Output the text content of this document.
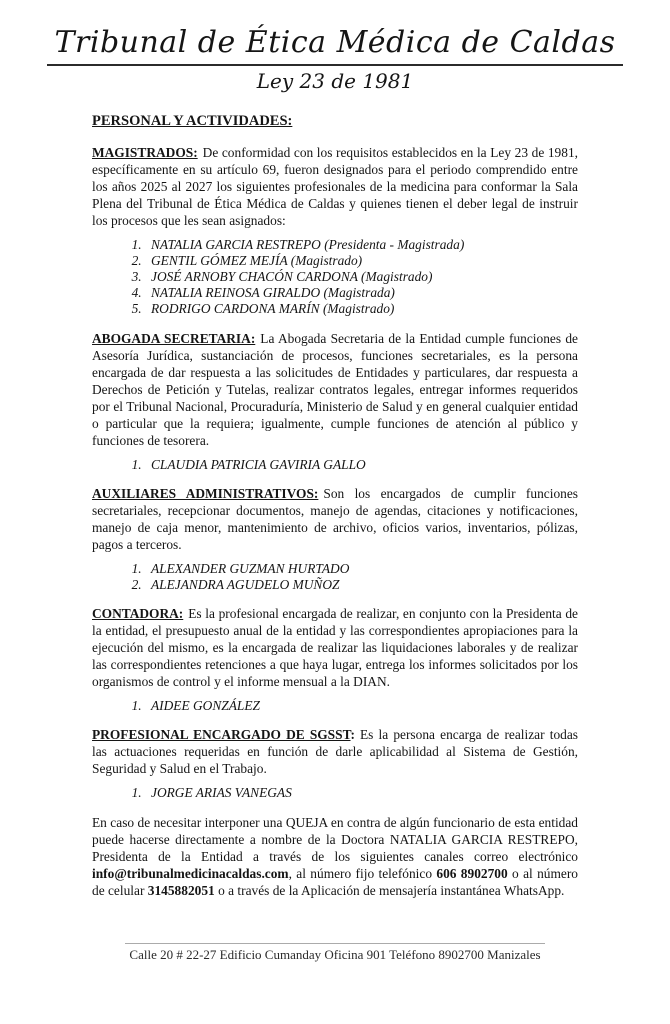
Tribunal de Ética Médica de Caldas
Ley 23 de 1981
PERSONAL Y ACTIVIDADES:

MAGISTRADOS: De conformidad con los requisitos establecidos en la Ley 23 de 1981, específicamente en su artículo 69, fueron designados para el periodo comprendido entre los años 2025 al 2027 los siguientes profesionales de la medicina para conformar la Sala Plena del Tribunal de Ética Médica de Caldas y quienes tienen el deber legal de instruir los procesos que les sean asignados:

1. NATALIA GARCIA RESTREPO (Presidenta - Magistrada)
2. GENTIL GÓMEZ MEJÍA (Magistrado)
3. JOSÉ ARNOBY CHACÓN CARDONA (Magistrado)
4. NATALIA REINOSA GIRALDO (Magistrada)
5. RODRIGO CARDONA MARÍN (Magistrado)

ABOGADA SECRETARIA: La Abogada Secretaria de la Entidad cumple funciones de Asesoría Jurídica, sustanciación de procesos, funciones secretariales, es la persona encargada de dar respuesta a las solicitudes de Entidades y particulares, dar respuesta a Derechos de Petición y Tutelas, realizar contratos legales, entregar informes requeridos por el Tribunal Nacional, Procuraduría, Ministerio de Salud y en general cualquier entidad o particular que la requiera; igualmente, cumple funciones de atención al público y funciones de tesorera.

1. CLAUDIA PATRICIA GAVIRIA GALLO

AUXILIARES ADMINISTRATIVOS: Son los encargados de cumplir funciones secretariales, recepcionar documentos, manejo de agendas, citaciones y notificaciones, manejo de caja menor, mantenimiento de archivo, oficios varios, inventarios, pólizas, pagos a terceros.

1. ALEXANDER GUZMAN HURTADO
2. ALEJANDRA AGUDELO MUÑOZ

CONTADORA: Es la profesional encargada de realizar, en conjunto con la Presidenta de la entidad, el presupuesto anual de la entidad y las correspondientes apropiaciones para la ejecución del mismo, es la encargada de realizar las liquidaciones laborales y de realizar las correspondientes retenciones a que haya lugar, entrega los informes solicitados por los organismos de control y el informe mensual a la DIAN.

1. AIDEE GONZÁLEZ

PROFESIONAL ENCARGADO DE SGSST: Es la persona encarga de realizar todas las actuaciones requeridas en función de darle aplicabilidad al Sistema de Gestión, Seguridad y Salud en el Trabajo.

1. JORGE ARIAS VANEGAS

En caso de necesitar interponer una QUEJA en contra de algún funcionario de esta entidad puede hacerse directamente a nombre de la Doctora NATALIA GARCIA RESTREPO, Presidenta de la Entidad a través de los siguientes canales correo electrónico info@tribunalmedicinacaldas.com, al número fijo telefónico 606 8902700 o al número de celular 3145882051 o a través de la Aplicación de mensajería instantánea WhatsApp.

Calle 20 # 22-27 Edificio Cumanday Oficina 901 Teléfono 8902700 Manizales
